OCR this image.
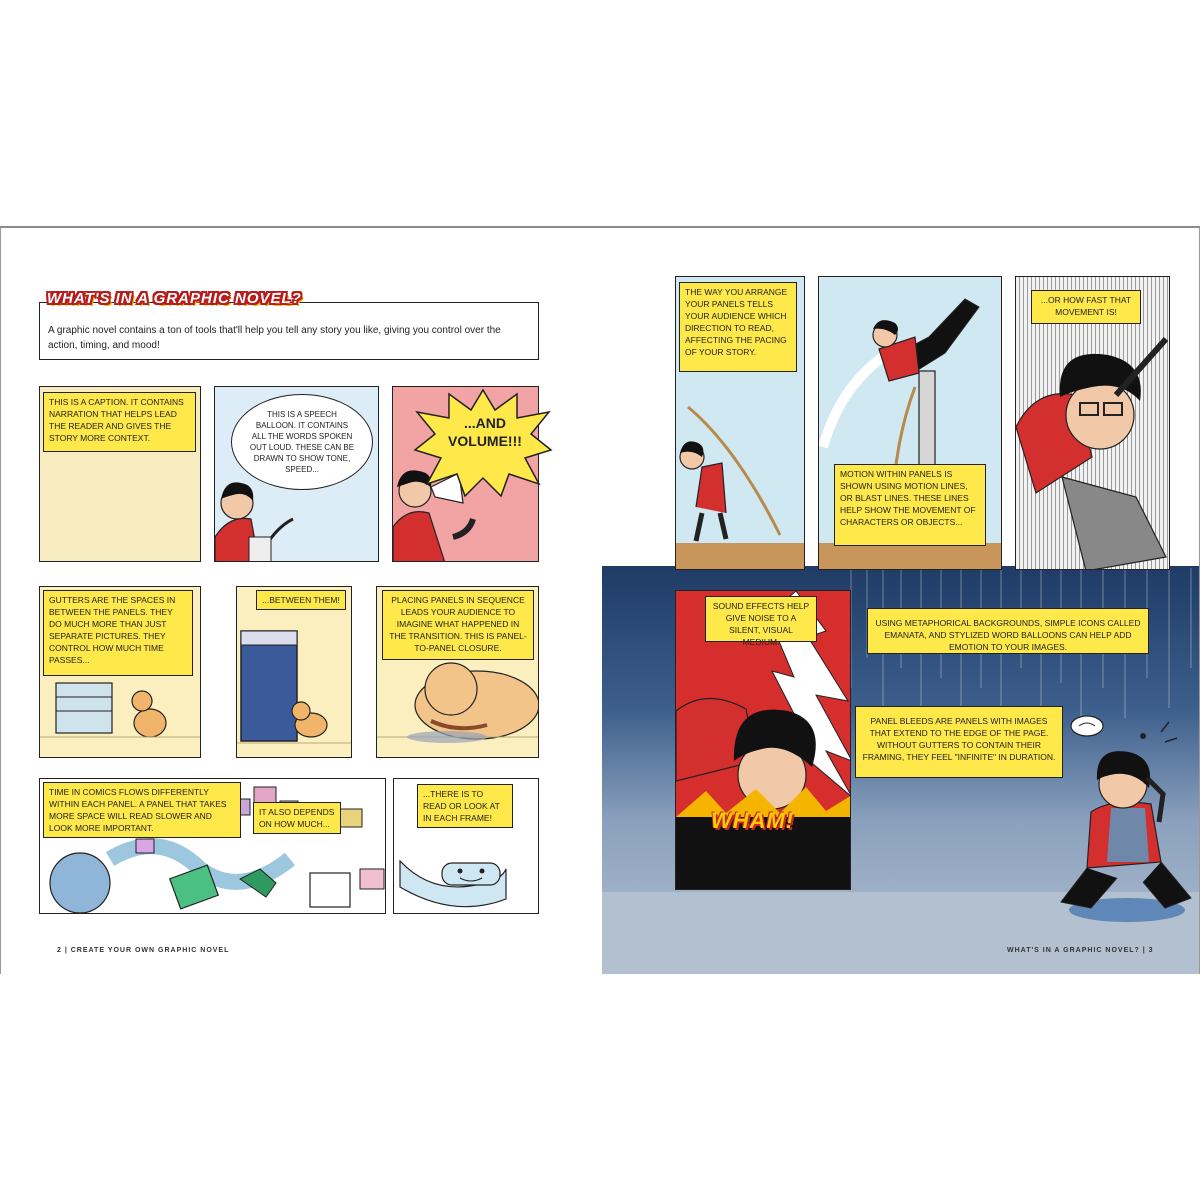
WHAT'S IN A GRAPHIC NOVEL?
A graphic novel contains a ton of tools that'll help you tell any story you like, giving you control over the action, timing, and mood!
THIS IS A CAPTION. IT CONTAINS NARRATION THAT HELPS LEAD THE READER AND GIVES THE STORY MORE CONTEXT.
THIS IS A SPEECH BALLOON. IT CONTAINS ALL THE WORDS SPOKEN OUT LOUD. THESE CAN BE DRAWN TO SHOW TONE, SPEED...
...AND VOLUME!!!
GUTTERS ARE THE SPACES IN BETWEEN THE PANELS. THEY DO MUCH MORE THAN JUST SEPARATE PICTURES. THEY CONTROL HOW MUCH TIME PASSES...
...BETWEEN THEM!	PLACING PANELS IN SEQUENCE LEADS YOUR AUDIENCE TO IMAGINE WHAT HAPPENED IN THE TRANSITION. THIS IS PANEL-TO-PANEL CLOSURE.
TIME IN COMICS FLOWS DIFFERENTLY WITHIN EACH PANEL. A PANEL THAT TAKES MORE SPACE WILL READ SLOWER AND LOOK MORE IMPORTANT.
IT ALSO DEPENDS ON HOW MUCH...
...THERE IS TO READ OR LOOK AT IN EACH FRAME!
2 | CREATE YOUR OWN GRAPHIC NOVEL
THE WAY YOU ARRANGE YOUR PANELS TELLS YOUR AUDIENCE WHICH DIRECTION TO READ, AFFECTING THE PACING OF YOUR STORY.
MOTION WITHIN PANELS IS SHOWN USING MOTION LINES, OR BLAST LINES. THESE LINES HELP SHOW THE MOVEMENT OF CHARACTERS OR OBJECTS...
...OR HOW FAST THAT MOVEMENT IS!
SOUND EFFECTS HELP GIVE NOISE TO A SILENT, VISUAL MEDIUM.
WHAM!
USING METAPHORICAL BACKGROUNDS, SIMPLE ICONS CALLED EMANATA, AND STYLIZED WORD BALLOONS CAN HELP ADD EMOTION TO YOUR IMAGES.
PANEL BLEEDS ARE PANELS WITH IMAGES THAT EXTEND TO THE EDGE OF THE PAGE. WITHOUT GUTTERS TO CONTAIN THEIR FRAMING, THEY FEEL "INFINITE" IN DURATION.
WHAT'S IN A GRAPHIC NOVEL? | 3
